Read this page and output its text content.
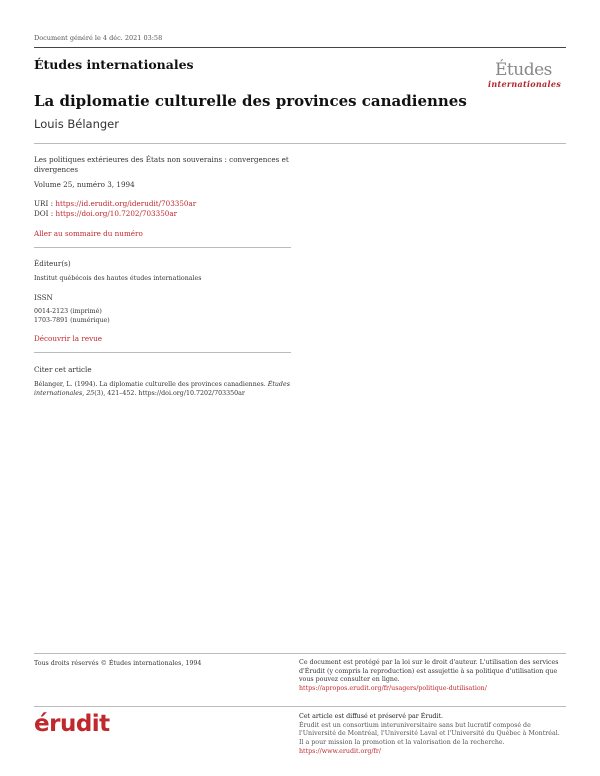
Document généré le 4 déc. 2021 03:58
Études internationales	Études
internationales
La diplomatie culturelle des provinces canadiennes
Louis Bélanger
Les politiques extérieures des États non souverains : convergences et divergences
Volume 25, numéro 3, 1994
URI : https://id.erudit.org/iderudit/703350ar
DOI : https://doi.org/10.7202/703350ar
Aller au sommaire du numéro
Éditeur(s)
Institut québécois des hautes études internationales
ISSN
0014-2123 (imprimé)
1703-7891 (numérique)
Découvrir la revue
Citer cet article
Bélanger, L. (1994). La diplomatie culturelle des provinces canadiennes. Études internationales, 25(3), 421–452. https://doi.org/10.7202/703350ar
Tous droits réservés © Études internationales, 1994	Ce document est protégé par la loi sur le droit d'auteur. L'utilisation des services d'Érudit (y compris la reproduction) est assujettie à sa politique d'utilisation que vous pouvez consulter en ligne.
https://apropos.erudit.org/fr/usagers/politique-dutilisation/
érudit	Cet article est diffusé et préservé par Érudit.
Érudit est un consortium interuniversitaire sans but lucratif composé de l'Université de Montréal, l'Université Laval et l'Université du Québec à Montréal. Il a pour mission la promotion et la valorisation de la recherche.
https://www.erudit.org/fr/
